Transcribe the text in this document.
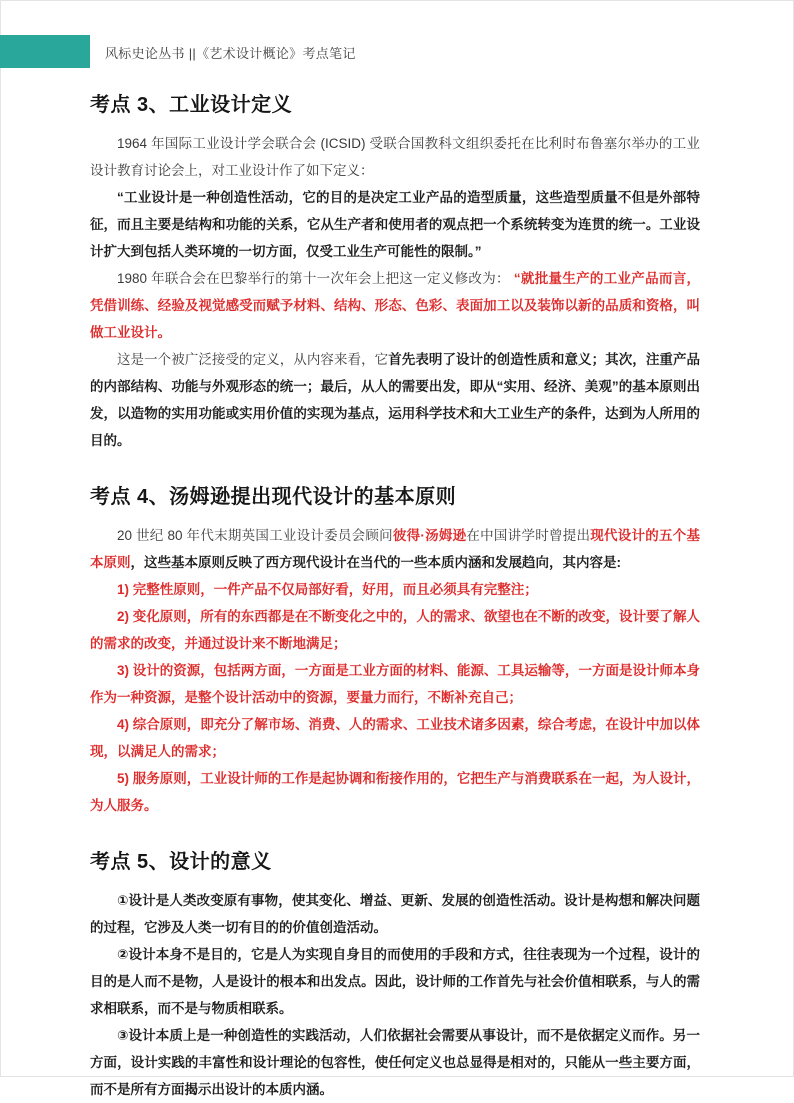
风标史论丛书 ||《艺术设计概论》考点笔记
考点 3、工业设计定义

1964 年国际工业设计学会联合会 (ICSID) 受联合国教科文组织委托在比利时布鲁塞尔举办的工业设计教育讨论会上，对工业设计作了如下定义：

“工业设计是一种创造性活动，它的目的是决定工业产品的造型质量，这些造型质量不但是外部特征，而且主要是结构和功能的关系，它从生产者和使用者的观点把一个系统转变为连贯的统一。工业设计扩大到包括人类环境的一切方面，仅受工业生产可能性的限制。”

1980 年联合会在巴黎举行的第十一次年会上把这一定义修改为： “就批量生产的工业产品而言，凭借训练、经验及视觉感受而赋予材料、结构、形态、色彩、表面加工以及装饰以新的品质和资格，叫做工业设计。

这是一个被广泛接受的定义，从内容来看，它首先表明了设计的创造性质和意义；其次，注重产品的内部结构、功能与外观形态的统一；最后，从人的需要出发，即从“实用、经济、美观”的基本原则出发，以造物的实用功能或实用价值的实现为基点，运用科学技术和大工业生产的条件，达到为人所用的目的。

考点 4、汤姆逊提出现代设计的基本原则

20 世纪 80 年代末期英国工业设计委员会顾问彼得·汤姆逊在中国讲学时曾提出现代设计的五个基本原则，这些基本原则反映了西方现代设计在当代的一些本质内涵和发展趋向，其内容是:

1) 完整性原则，一件产品不仅局部好看，好用，而且必须具有完整注；

2) 变化原则，所有的东西都是在不断变化之中的，人的需求、欲望也在不断的改变，设计要了解人的需求的改变，并通过设计来不断地满足；

3) 设计的资源，包括两方面，一方面是工业方面的材料、能源、工具运输等，一方面是设计师本身作为一种资源，是整个设计活动中的资源，要量力而行，不断补充自己；

4) 综合原则，即充分了解市场、消费、人的需求、工业技术诸多因素，综合考虑，在设计中加以体现，以满足人的需求；

5) 服务原则，工业设计师的工作是起协调和衔接作用的，它把生产与消费联系在一起，为人设计，为人服务。

考点 5、设计的意义

①设计是人类改变原有事物，使其变化、增益、更新、发展的创造性活动。设计是构想和解决问题的过程，它涉及人类一切有目的的价值创造活动。

②设计本身不是目的，它是人为实现自身目的而使用的手段和方式，往往表现为一个过程，设计的目的是人而不是物，人是设计的根本和出发点。因此，设计师的工作首先与社会价值相联系，与人的需求相联系，而不是与物质相联系。

③设计本质上是一种创造性的实践活动，人们依据社会需要从事设计，而不是依据定义而作。另一方面，设计实践的丰富性和设计理论的包容性，使任何定义也总显得是相对的，只能从一些主要方面，而不是所有方面揭示出设计的本质内涵。
